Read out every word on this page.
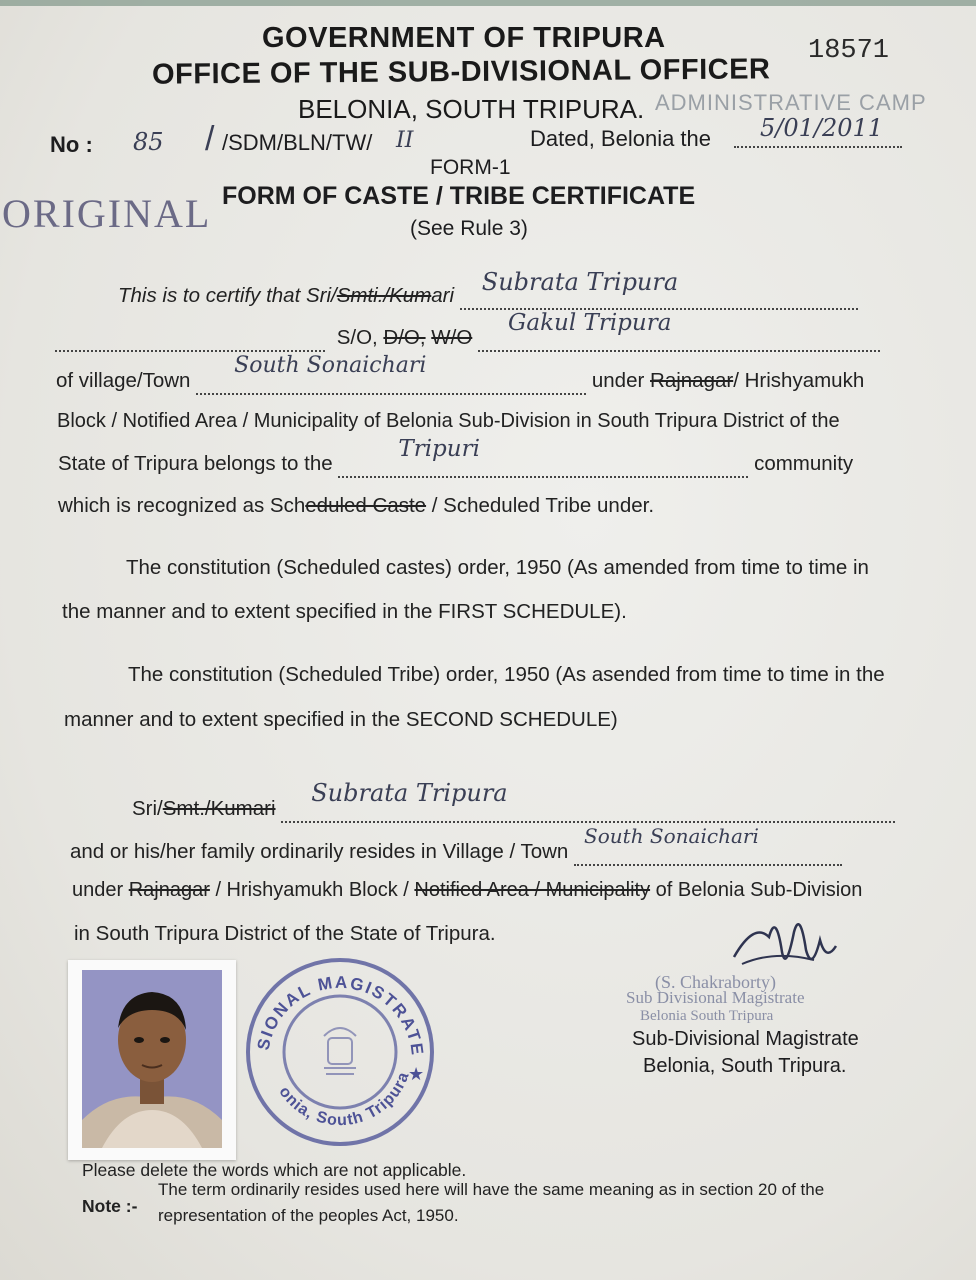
GOVERNMENT OF TRIPURA
OFFICE OF THE SUB-DIVISIONAL OFFICER
BELONIA, SOUTH TRIPURA. ADMINISTRATIVE CAMP
18571
No : 85 / /SDM/BLN/TW/ II	Dated, Belonia the 5/01/2011
FORM-1
ORIGINAL FORM OF CASTE / TRIBE CERTIFICATE
(See Rule 3)
This is to certify that Sri/Smti./Kumari Subrata Tripura

S/O, D/O, W/O
Gakul Tripura

of village/Town
South Sonaichari
under Rajnagar/ Hrishyamukh
Block / Notified Area / Municipality of Belonia Sub-Division in South Tripura District of the
State of Tripura belongs to the
Tripuri
community
which is recognized as Scheduled Caste / Scheduled Tribe under.
The constitution (Scheduled castes) order, 1950 (As amended from time to time in
the manner and to extent specified in the FIRST SCHEDULE).
The constitution (Scheduled Tribe) order, 1950 (As asended from time to time in the
manner and to extent specified in the SECOND SCHEDULE)
Sri/Smt./Kumari
Subrata Tripura

and or his/her family ordinarily resides in Village / Town
South Sonaichari

under Rajnagar / Hrishyamukh Block / Notified Area / Municipality of Belonia Sub-Division
in South Tripura District of the State of Tripura.
SIONAL MAGISTRATE
onia, South Tripura
★
(S. Chakraborty)
Sub Divisional Magistrate
Belonia South Tripura
Sub-Divisional Magistrate
Belonia, South Tripura.
Please delete the words which are not applicable.
Note :-
The term ordinarily resides used here will have the same meaning as in section 20 of the
representation of the peoples Act, 1950.
